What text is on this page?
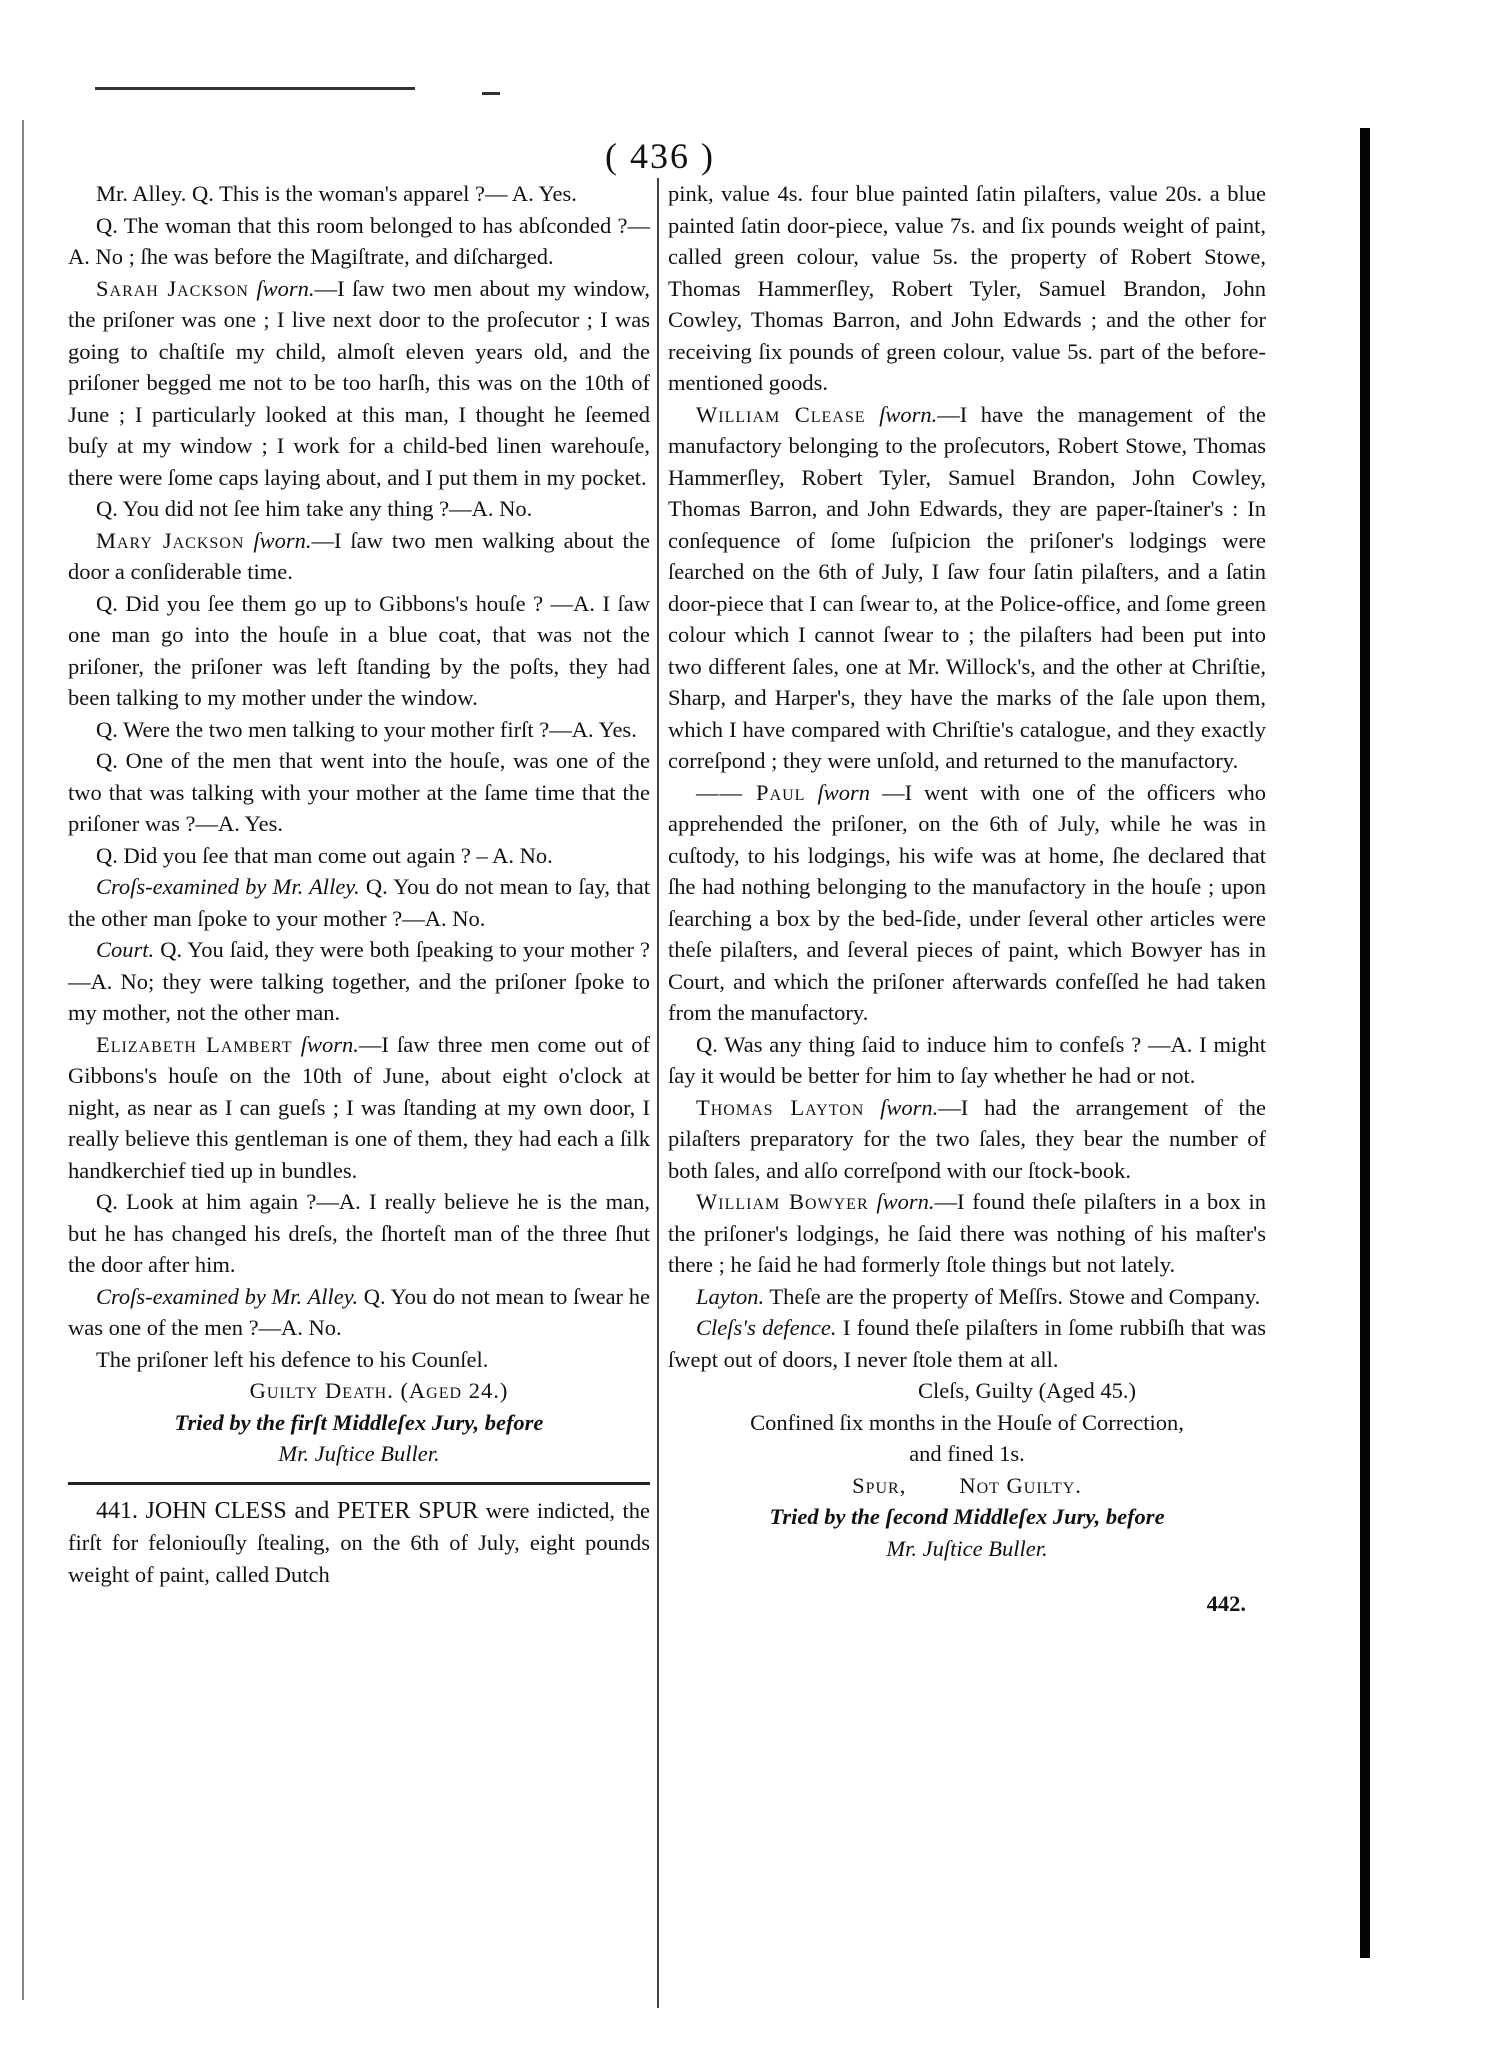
( 436 )

Mr. Alley. Q. This is the woman's apparel ?— A. Yes.

Q. The woman that this room belonged to has abſconded ?— A. No ; ſhe was before the Magiſtrate, and diſcharged.

Sarah Jackson ſworn.—I ſaw two men about my window, the priſoner was one ; I live next door to the proſecutor ; I was going to chaſtiſe my child, almoſt eleven years old, and the priſoner begged me not to be too harſh, this was on the 10th of June ; I particularly looked at this man, I thought he ſeemed buſy at my window ; I work for a child-bed linen warehouſe, there were ſome caps laying about, and I put them in my pocket.

Q. You did not ſee him take any thing ?—A. No.

Mary Jackson ſworn.—I ſaw two men walking about the door a conſiderable time.

Q. Did you ſee them go up to Gibbons's houſe ? —A. I ſaw one man go into the houſe in a blue coat, that was not the priſoner, the priſoner was left ſtanding by the poſts, they had been talking to my mother under the window.

Q. Were the two men talking to your mother firſt ?—A. Yes.

Q. One of the men that went into the houſe, was one of the two that was talking with your mother at the ſame time that the priſoner was ?—A. Yes.

Q. Did you ſee that man come out again ? – A. No.

Croſs-examined by Mr. Alley. Q. You do not mean to ſay, that the other man ſpoke to your mother ?—A. No.

Court. Q. You ſaid, they were both ſpeaking to your mother ?—A. No; they were talking together, and the priſoner ſpoke to my mother, not the other man.

Elizabeth Lambert ſworn.—I ſaw three men come out of Gibbons's houſe on the 10th of June, about eight o'clock at night, as near as I can gueſs ; I was ſtanding at my own door, I really believe this gentleman is one of them, they had each a ſilk handkerchief tied up in bundles.

Q. Look at him again ?—A. I really believe he is the man, but he has changed his dreſs, the ſhorteſt man of the three ſhut the door after him.

Croſs-examined by Mr. Alley. Q. You do not mean to ſwear he was one of the men ?—A. No.

The priſoner left his defence to his Counſel.

Guilty Death. (Aged 24.)

Tried by the firſt Middleſex Jury, before

Mr. Juſtice Buller.

441. JOHN CLESS and PETER SPUR were indicted, the firſt for feloniouſly ſtealing, on the 6th of July, eight pounds weight of paint, called Dutch

pink, value 4s. four blue painted ſatin pilaſters, value 20s. a blue painted ſatin door-piece, value 7s. and ſix pounds weight of paint, called green colour, value 5s. the property of Robert Stowe, Thomas Hammerſley, Robert Tyler, Samuel Brandon, John Cowley, Thomas Barron, and John Edwards ; and the other for receiving ſix pounds of green colour, value 5s. part of the before-mentioned goods.

William Clease ſworn.—I have the management of the manufactory belonging to the proſecutors, Robert Stowe, Thomas Hammerſley, Robert Tyler, Samuel Brandon, John Cowley, Thomas Barron, and John Edwards, they are paper-ſtainer's : In conſequence of ſome ſuſpicion the priſoner's lodgings were ſearched on the 6th of July, I ſaw four ſatin pilaſters, and a ſatin door-piece that I can ſwear to, at the Police-office, and ſome green colour which I cannot ſwear to ; the pilaſters had been put into two different ſales, one at Mr. Willock's, and the other at Chriſtie, Sharp, and Harper's, they have the marks of the ſale upon them, which I have compared with Chriſtie's catalogue, and they exactly correſpond ; they were unſold, and returned to the manufactory.

—— Paul ſworn —I went with one of the officers who apprehended the priſoner, on the 6th of July, while he was in cuſtody, to his lodgings, his wife was at home, ſhe declared that ſhe had nothing belonging to the manufactory in the houſe ; upon ſearching a box by the bed-ſide, under ſeveral other articles were theſe pilaſters, and ſeveral pieces of paint, which Bowyer has in Court, and which the priſoner afterwards confeſſed he had taken from the manufactory.

Q. Was any thing ſaid to induce him to confeſs ? —A. I might ſay it would be better for him to ſay whether he had or not.

Thomas Layton ſworn.—I had the arrangement of the pilaſters preparatory for the two ſales, they bear the number of both ſales, and alſo correſpond with our ſtock-book.

William Bowyer ſworn.—I found theſe pilaſters in a box in the priſoner's lodgings, he ſaid there was nothing of his maſter's there ; he ſaid he had formerly ſtole things but not lately.

Layton. Theſe are the property of Meſſrs. Stowe and Company.

Cleſs's defence. I found theſe pilaſters in ſome rubbiſh that was ſwept out of doors, I never ſtole them at all.

Cleſs, Guilty (Aged 45.)

Confined ſix months in the Houſe of Correction,

and fined 1s.

Spur,        Not Guilty.

Tried by the ſecond Middleſex Jury, before

Mr. Juſtice Buller.

442.
